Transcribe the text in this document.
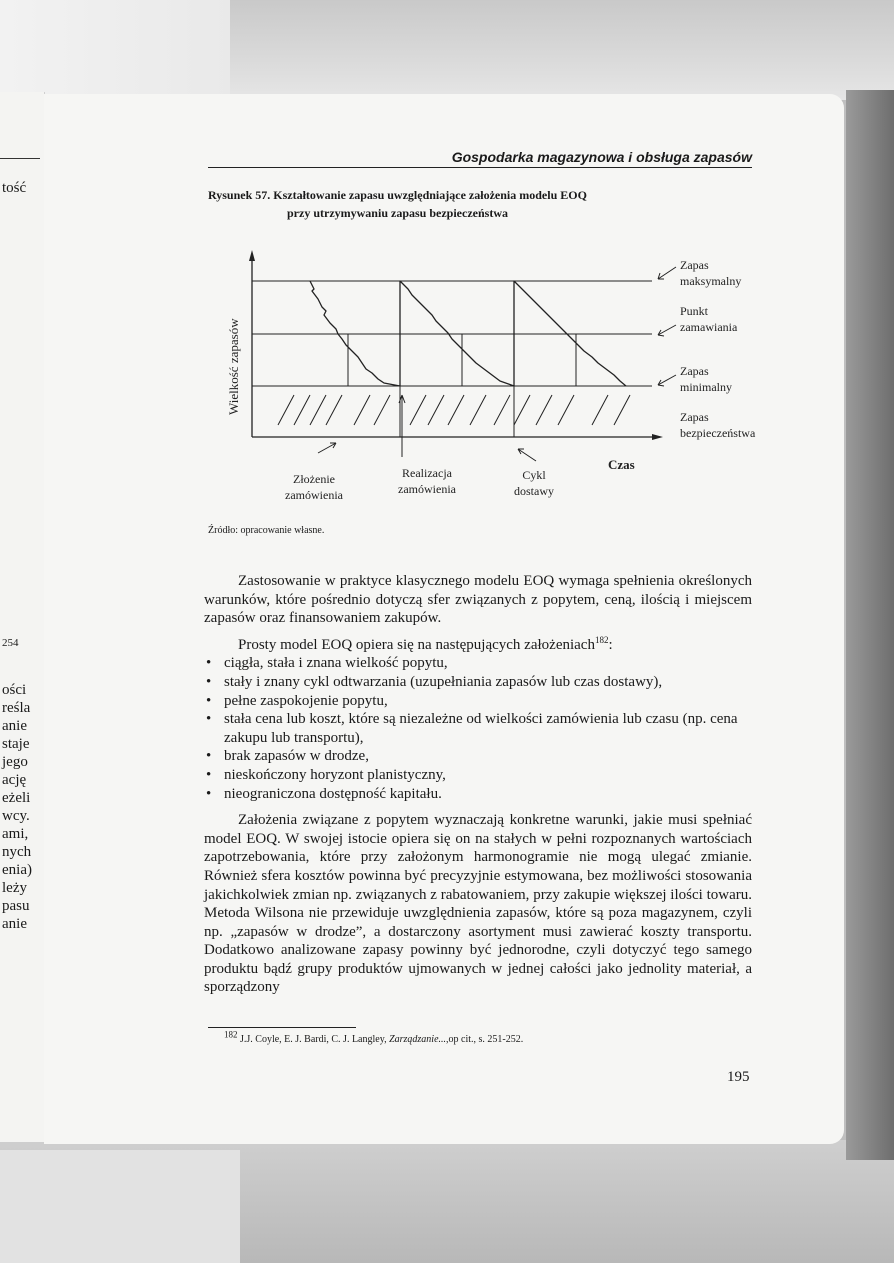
tość
254
ości
reśla
anie
staje
jego
ację
eżeli
wcy.
ami,
nych
enia)
leży
pasu
anie
Gospodarka magazynowa i obsługa zapasów
Rysunek 57. Kształtowanie zapasu uwzględniające założenia modelu EOQ
przy utrzymywaniu zapasu bezpieczeństwa
Wielkość zapasów
Czas
Zapas
maksymalny
Punkt
zamawiania
Zapas
minimalny
Zapas
bezpieczeństwa
Złożenie
zamówienia
Realizacja
zamówienia
Cykl
dostawy
Źródło: opracowanie własne.

Zastosowanie w praktyce klasycznego modelu EOQ wymaga spełnienia określonych warunków, które pośrednio dotyczą sfer związanych z popytem, ceną, ilością i miejscem zapasów oraz finansowaniem zakupów.

Prosty model EOQ opiera się na następujących założeniach$^{182}$:

• ciągła, stała i znana wielkość popytu,
• stały i znany cykl odtwarzania (uzupełniania zapasów lub czas dostawy),
• pełne zaspokojenie popytu,
• stała cena lub koszt, które są niezależne od wielkości zamówienia lub czasu (np. cena zakupu lub transportu),
• brak zapasów w drodze,
• nieskończony horyzont planistyczny,
• nieograniczona dostępność kapitału.

Założenia związane z popytem wyznaczają konkretne warunki, jakie musi spełniać model EOQ. W swojej istocie opiera się on na stałych w pełni rozpoznanych wartościach zapotrzebowania, które przy założonym harmonogramie nie mogą ulegać zmianie. Również sfera kosztów powinna być precyzyjnie estymowana, bez możliwości stosowania jakichkolwiek zmian np. związanych z rabatowaniem, przy zakupie większej ilości towaru. Metoda Wilsona nie przewiduje uwzględnienia zapasów, które są poza magazynem, czyli np. „zapasów w drodze”, a dostarczony asortyment musi zawierać koszty transportu. Dodatkowo analizowane zapasy powinny być jednorodne, czyli dotyczyć tego samego produktu bądź grupy produktów ujmowanych w jednej całości jako jednolity materiał, a sporządzony

$^{182}$ J.J. Coyle, E. J. Bardi, C. J. Langley, Zarządzanie...,op cit., s. 251-252.
195
